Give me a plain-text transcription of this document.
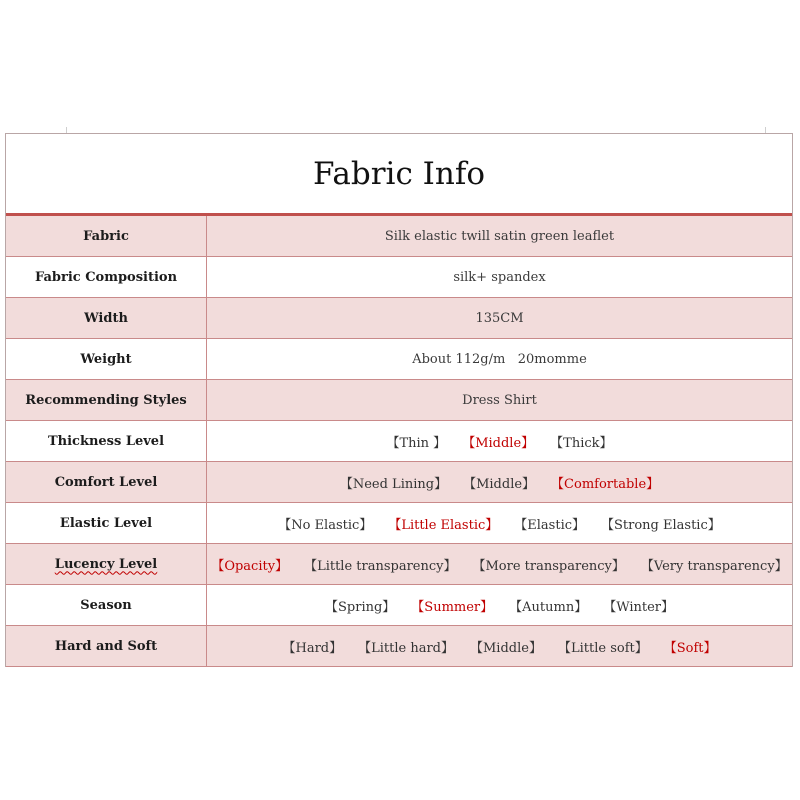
Fabric Info
Fabric	Silk elastic twill satin green leaflet
Fabric Composition	silk+ spandex
Width	135CM
Weight	About 112g/m   20momme
Recommending Styles	Dress Shirt
Thickness Level	【Thin 】 【Middle】 【Thick】
Comfort Level	【Need Lining】 【Middle】 【Comfortable】
Elastic Level	【No Elastic】 【Little Elastic】 【Elastic】 【Strong Elastic】
Lucency Level	【Opacity】 【Little transparency】 【More transparency】 【Very transparency】
Season	【Spring】 【Summer】 【Autumn】 【Winter】
Hard and Soft	【Hard】 【Little hard】 【Middle】 【Little soft】 【Soft】
